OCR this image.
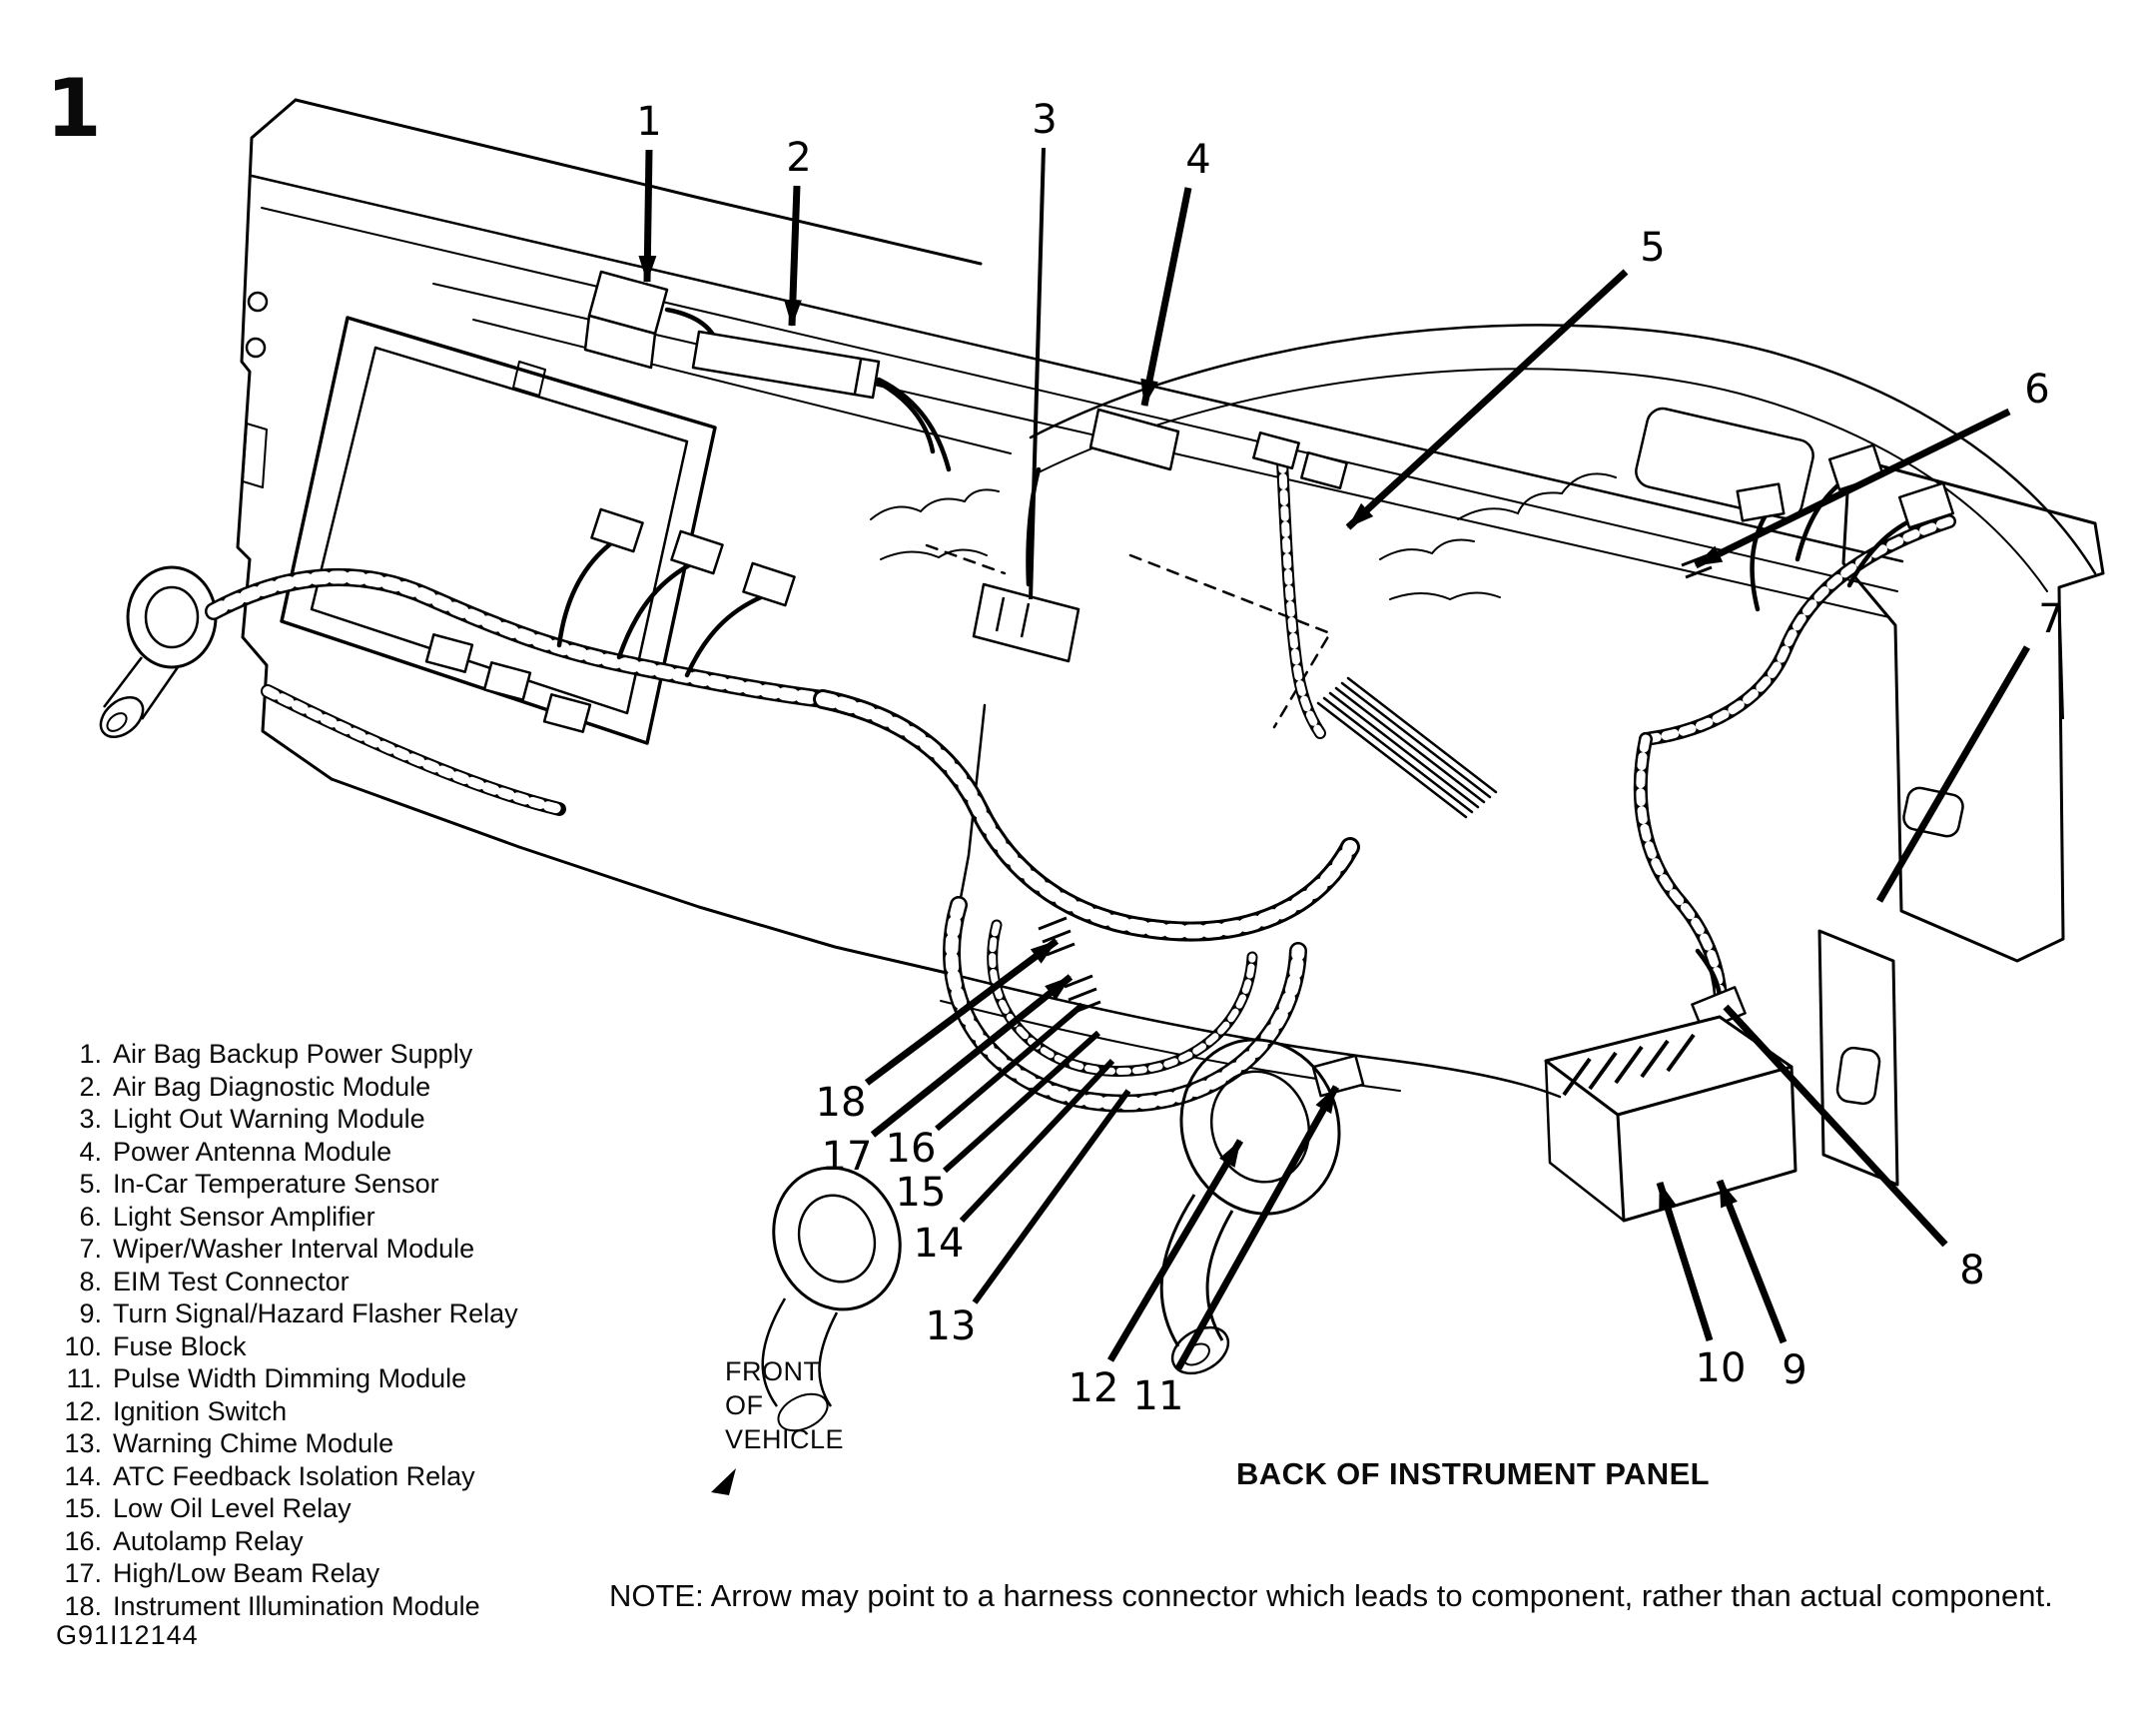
1
2
3
4
5
6
7
8
9
10
11
12
13
14
15
16
17
18
1
1. Air Bag Backup Power Supply
2. Air Bag Diagnostic Module
3. Light Out Warning Module
4. Power Antenna Module
5. In-Car Temperature Sensor
6. Light Sensor Amplifier
7. Wiper/Washer Interval Module
8. EIM Test Connector
9. Turn Signal/Hazard Flasher Relay
10. Fuse Block
11. Pulse Width Dimming Module
12. Ignition Switch
13. Warning Chime Module
14. ATC Feedback Isolation Relay
15. Low Oil Level Relay
16. Autolamp Relay
17. High/Low Beam Relay
18. Instrument Illumination Module
FRONT
OF
VEHICLE
BACK OF INSTRUMENT PANEL
NOTE: Arrow may point to a harness connector which leads to component, rather than actual component.
G91I12144
